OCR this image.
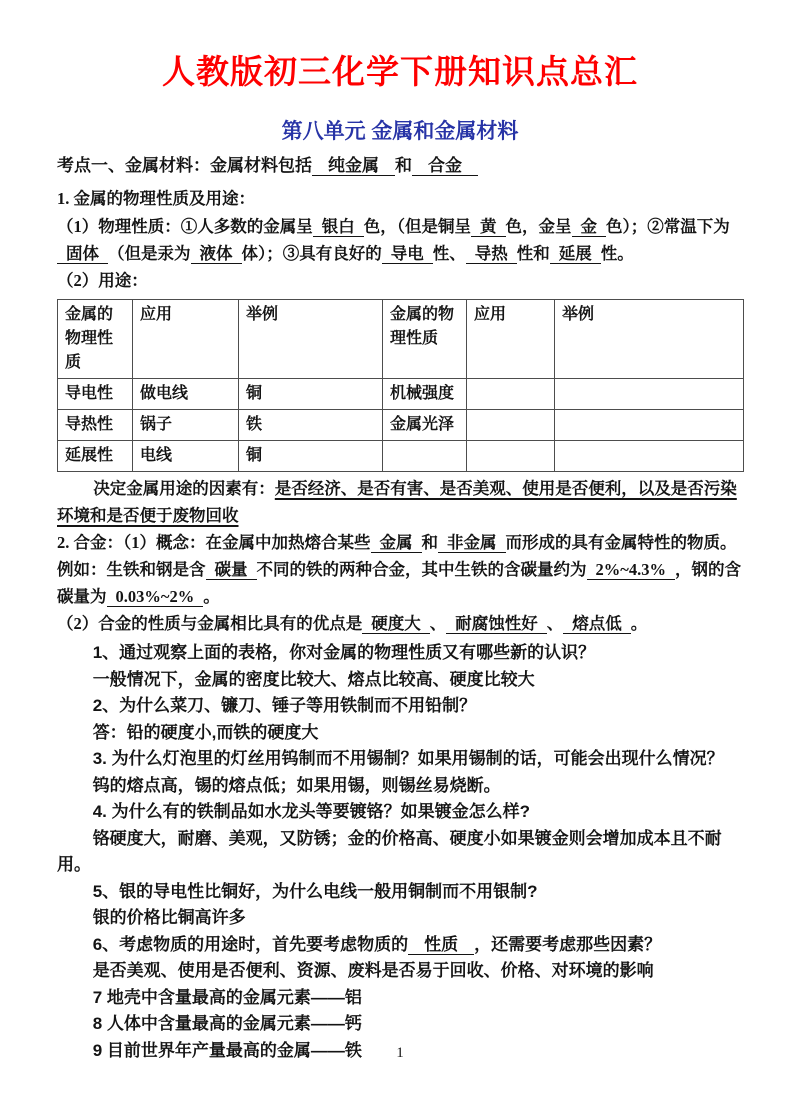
人教版初三化学下册知识点总汇
第八单元 金属和金属材料

考点一、金属材料：金属材料包括 纯金属 和 合金

1. 金属的物理性质及用途：

（1）物理性质：①人多数的金属呈 银白 色，（但是铜呈 黄 色，金呈 金 色）；②常温下为固体 （但是汞为 液体 体）；③具有良好的 导电 性、 导热 性和 延展 性。

（2）用途：

金属的物理性质	应用	举例	金属的物理性质	应用	举例
导电性	做电线	铜	机械强度		
导热性	锅子	铁	金属光泽		
延展性	电线	铜			

决定金属用途的因素有：是否经济、是否有害、是否美观、使用是否便利，以及是否污染环境和是否便于废物回收

2. 合金：（1）概念：在金属中加热熔合某些 金属 和 非金属 而形成的具有金属特性的物质。例如：生铁和钢是含 碳量 不同的铁的两种合金，其中生铁的含碳量约为 2%~4.3% ，钢的含碳量为 0.03%~2% 。

（2）合金的性质与金属相比具有的优点是 硬度大 、 耐腐蚀性好 、 熔点低 。

1、通过观察上面的表格，你对金属的物理性质又有哪些新的认识？

一般情况下，金属的密度比较大、熔点比较高、硬度比较大

2、为什么菜刀、镰刀、锤子等用铁制而不用铅制？

答：铅的硬度小,而铁的硬度大

3. 为什么灯泡里的灯丝用钨制而不用锡制？如果用锡制的话，可能会出现什么情况？

钨的熔点高，锡的熔点低；如果用锡，则锡丝易烧断。

4. 为什么有的铁制品如水龙头等要镀铬？如果镀金怎么样?

铬硬度大，耐磨、美观，又防锈；金的价格高、硬度小如果镀金则会增加成本且不耐用。

5、银的导电性比铜好，为什么电线一般用铜制而不用银制?

银的价格比铜高许多

6、考虑物质的用途时，首先要考虑物质的 性质 ，还需要考虑那些因素？

是否美观、使用是否便利、资源、废料是否易于回收、价格、对环境的影响

7 地壳中含量最高的金属元素——铝

8 人体中含量最高的金属元素——钙

9 目前世界年产量最高的金属——铁	1
